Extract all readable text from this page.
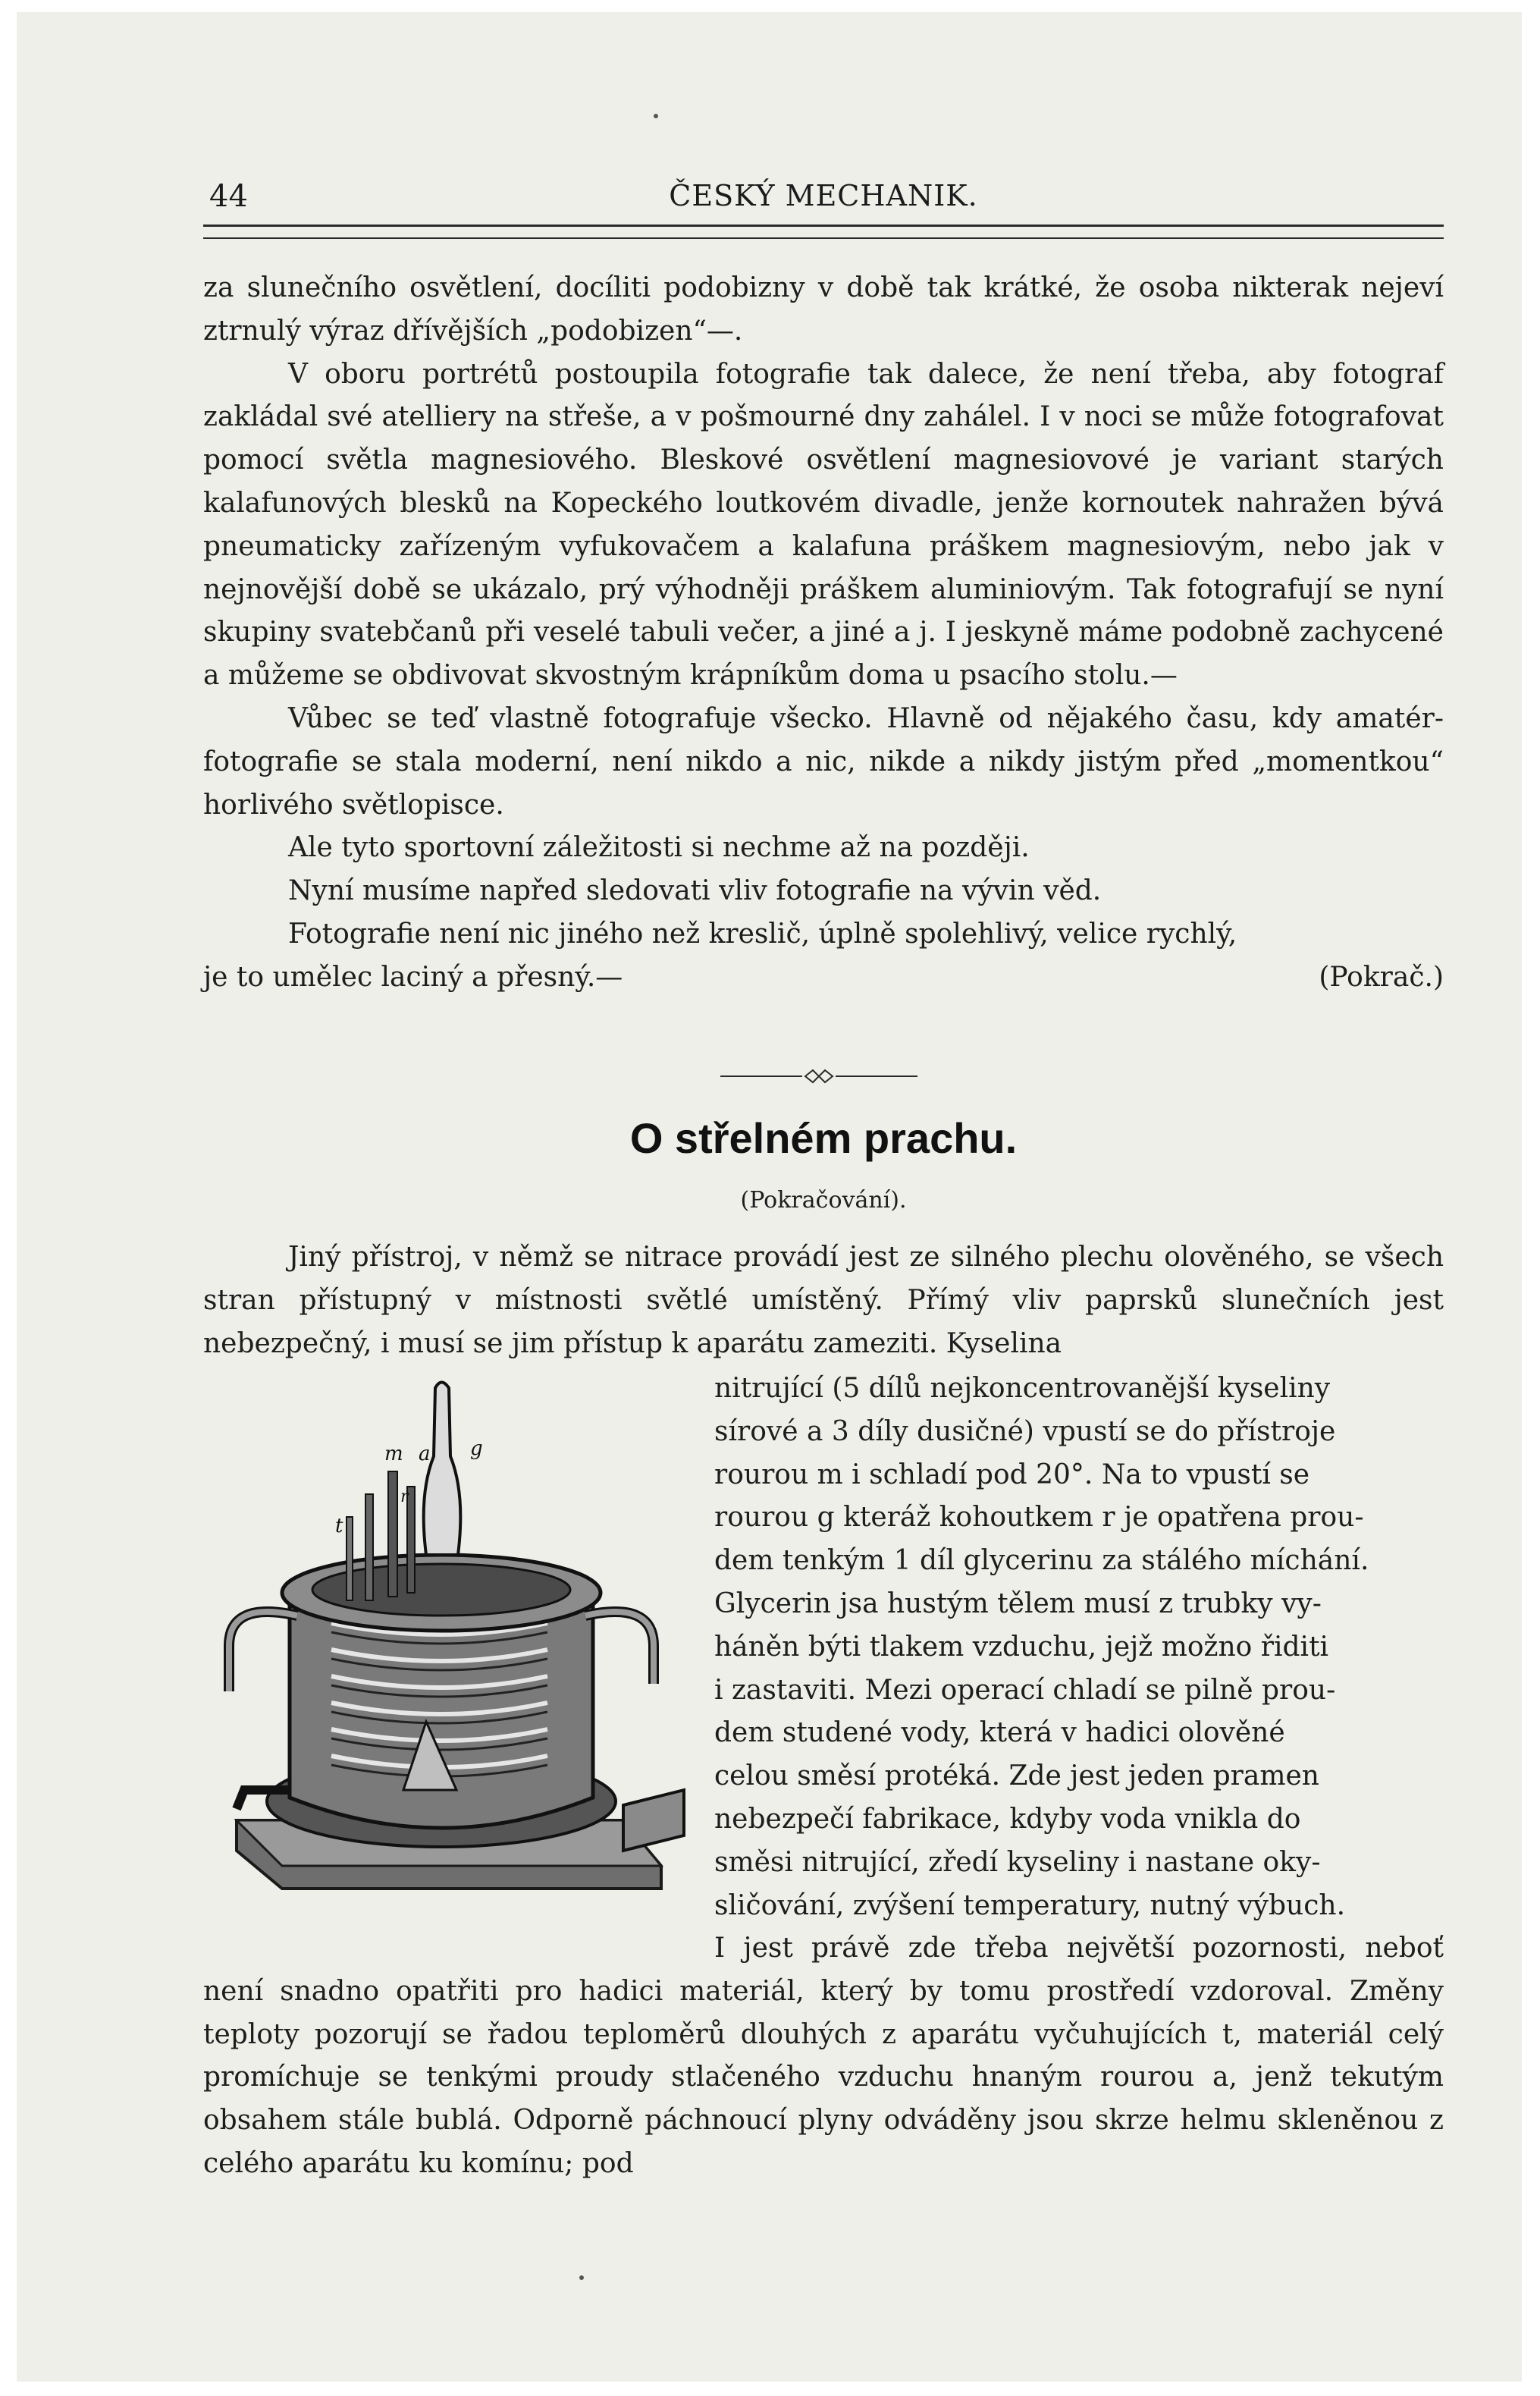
44	ČESKÝ MECHANIK.

za slunečního osvětlení, docíliti podobizny v době tak krátké, že osoba nikterak nejeví ztrnulý výraz dřívějších „podobizen“—.

V oboru portrétů postoupila fotografie tak dalece, že není třeba, aby fotograf zakládal své atelliery na střeše, a v pošmourné dny zahálel. I v noci se může fotografovat pomocí světla magnesiového. Bleskové osvětlení magnesiovové je variant starých kalafunových blesků na Kopeckého loutkovém divadle, jenže kornoutek nahražen bývá pneumaticky zařízeným vyfukovačem a kalafuna práškem magnesiovým, nebo jak v nejnovější době se ukázalo, prý výhodněji práškem aluminiovým. Tak fotografují se nyní skupiny svatebčanů při veselé tabuli večer, a jiné a j. I jeskyně máme podobně zachycené a můžeme se obdivovat skvostným krápníkům doma u psacího stolu.—

Vůbec se teď vlastně fotografuje všecko. Hlavně od nějakého času, kdy amatér-fotografie se stala moderní, není nikdo a nic, nikde a nikdy jistým před „momentkou“ horlivého světlopisce.

Ale tyto sportovní záležitosti si nechme až na později.

Nyní musíme napřed sledovati vliv fotografie na vývin věd.

Fotografie není nic jiného než kreslič, úplně spolehlivý, velice rychlý,

je to umělec laciný a přesný.—	(Pokrač.)
O střelném prachu.
(Pokračování).

Jiný přístroj, v němž se nitrace provádí jest ze silného plechu olověného, se všech stran přístupný v místnosti světlé umístěný. Přímý vliv paprsků slunečních jest nebezpečný, i musí se jim přístup k aparátu zameziti. Kyselina

m a g
r
t
nitrující (5 dílů nejkoncentrovanější kyseliny
sírové a 3 díly dusičné) vpustí se do přístroje
rourou m i schladí pod 20°. Na to vpustí se
rourou g kteráž kohoutkem r je opatřena prou-
dem tenkým 1 díl glycerinu za stálého míchání.
Glycerin jsa hustým tělem musí z trubky vy-
háněn býti tlakem vzduchu, jejž možno řiditi
i zastaviti. Mezi operací chladí se pilně prou-
dem studené vody, která v hadici olověné
celou směsí protéká. Zde jest jeden pramen
nebezpečí fabrikace, kdyby voda vnikla do
směsi nitrující, zředí kyseliny i nastane oky-
sličování, zvýšení temperatury, nutný výbuch.

I jest právě zde třeba největší pozornosti, neboť není snadno opatřiti pro hadici materiál, který by tomu prostředí vzdoroval. Změny teploty pozorují se řadou teploměrů dlouhých z aparátu vyčuhujících t, materiál celý promíchuje se tenkými proudy stlačeného vzduchu hnaným rourou a, jenž tekutým obsahem stále bublá. Odporně páchnoucí plyny odváděny jsou skrze helmu skleněnou z celého aparátu ku komínu; pod
